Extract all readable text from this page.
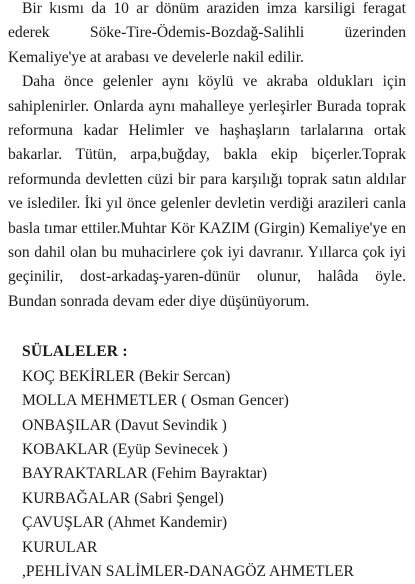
Bir kısmı da 10 ar dönüm araziden imza karsiligi feragat ederek Söke-Tire-Ödemis-Bozdağ-Salihli üzerinden Kemaliye'ye at arabası ve develerle nakil edilir.

Daha önce gelenler aynı köylü ve akraba oldukları için sahiplenirler. Onlarda aynı mahalleye yerleşirler Burada toprak reformuna kadar Helimler ve haşhaşların tarlalarına ortak bakarlar. Tütün, arpa,buğday, bakla ekip biçerler.Toprak reformunda devletten cüzi bir para karşılığı toprak satın aldılar ve islediler. İki yıl önce gelenler devletin verdiği arazileri canla basla tımar ettiler.Muhtar Kör KAZIM (Girgin) Kemaliye'ye en son dahil olan bu muhacirlere çok iyi davranır. Yıllarca çok iyi geçinilir, dost-arkadaş-yaren-dünür olunur, halâda öyle. Bundan sonrada devam eder diye düşünüyorum.

SÜLALELER :
KOÇ BEKİRLER (Bekir Sercan)
MOLLA MEHMETLER ( Osman Gencer)
ONBAŞILAR (Davut Sevindik )
KOBAKLAR (Eyüp Sevinecek )
BAYRAKTARLAR (Fehim Bayraktar)
KURBAĞALAR (Sabri Şengel)
ÇAVUŞLAR (Ahmet Kandemir)
KURULAR
,PEHLİVAN SALİMLER-DANAGÖZ AHMETLER
